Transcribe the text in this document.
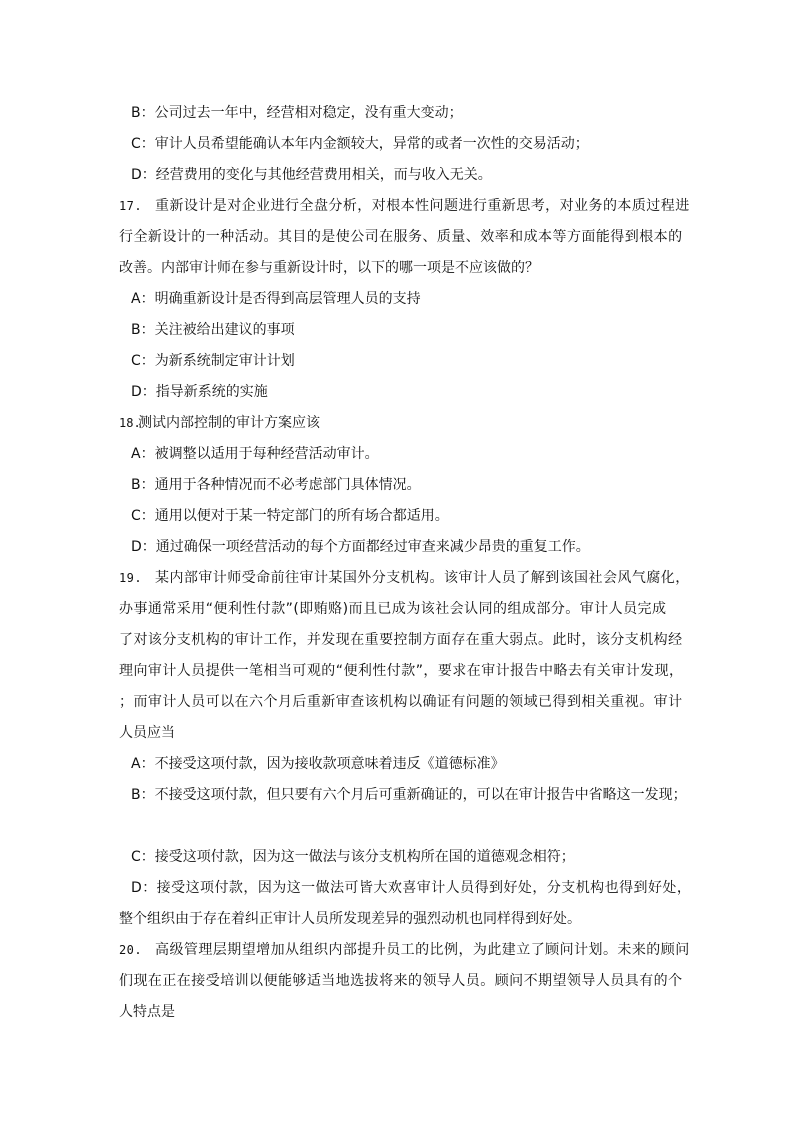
B：公司过去一年中，经营相对稳定，没有重大变动；
C：审计人员希望能确认本年内金额较大，异常的或者一次性的交易活动；
D：经营费用的变化与其他经营费用相关，而与收入无关。
17. 重新设计是对企业进行全盘分析，对根本性问题进行重新思考，对业务的本质过程进
行全新设计的一种活动。其目的是使公司在服务、质量、效率和成本等方面能得到根本的
改善。内部审计师在参与重新设计时，以下的哪一项是不应该做的？
A：明确重新设计是否得到高层管理人员的支持
B：关注被给出建议的事项
C：为新系统制定审计计划
D：指导新系统的实施
18.测试内部控制的审计方案应该
A：被调整以适用于每种经营活动审计。
B：通用于各种情况而不必考虑部门具体情况。
C：通用以便对于某一特定部门的所有场合都适用。
D：通过确保一项经营活动的每个方面都经过审查来减少昂贵的重复工作。
19. 某内部审计师受命前往审计某国外分支机构。该审计人员了解到该国社会风气腐化，
办事通常采用“便利性付款”(即贿赂)而且已成为该社会认同的组成部分。审计人员完成
了对该分支机构的审计工作，并发现在重要控制方面存在重大弱点。此时，该分支机构经
理向审计人员提供一笔相当可观的“便利性付款”，要求在审计报告中略去有关审计发现，
；而审计人员可以在六个月后重新审查该机构以确证有问题的领域已得到相关重视。审计
人员应当
A：不接受这项付款，因为接收款项意味着违反《道德标准》
B：不接受这项付款，但只要有六个月后可重新确证的，可以在审计报告中省略这一发现；
C：接受这项付款，因为这一做法与该分支机构所在国的道德观念相符；
D：接受这项付款，因为这一做法可皆大欢喜审计人员得到好处，分支机构也得到好处，
整个组织由于存在着纠正审计人员所发现差异的强烈动机也同样得到好处。
20. 高级管理层期望增加从组织内部提升员工的比例，为此建立了顾问计划。未来的顾问
们现在正在接受培训以便能够适当地选拔将来的领导人员。顾问不期望领导人员具有的个
人特点是
